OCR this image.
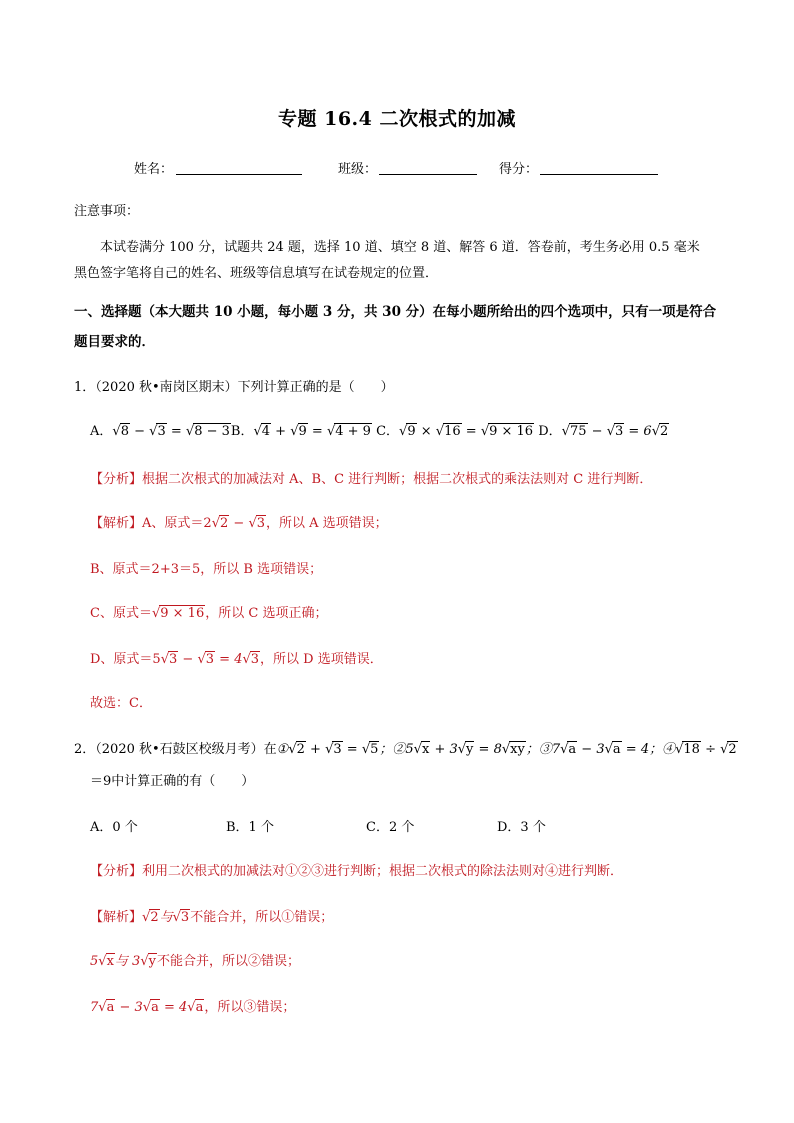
专题 16.4 二次根式的加减
姓名：	班级：	得分：
注意事项：
本试卷满分 100 分，试题共 24 题，选择 10 道、填空 8 道、解答 6 道．答卷前，考生务必用 0.5 毫米
黑色签字笔将自己的姓名、班级等信息填写在试卷规定的位置．
一、选择题（本大题共 10 小题，每小题 3 分，共 30 分）在每小题所给出的四个选项中，只有一项是符合
题目要求的．
1．（2020 秋•南岗区期末）下列计算正确的是（　　）
A．√8 − √3 = √8 − 3B．√4 + √9 = √4 + 9 C．√9 × √16 = √9 × 16 D．√75 − √3 = 6√2
【分析】根据二次根式的加减法对 A、B、C 进行判断；根据二次根式的乘法法则对 C 进行判断．
【解析】A、原式＝2√2 − √3，所以 A 选项错误；
B、原式＝2+3＝5，所以 B 选项错误；
C、原式＝√9 × 16，所以 C 选项正确；
D、原式＝5√3 − √3 = 4√3，所以 D 选项错误．
故选：C．
2．（2020 秋•石鼓区校级月考）在①√2 + √3 = √5；②5√x + 3√y = 8√xy；③7√a − 3√a = 4；④√18 ÷ √2
＝9中计算正确的有（　　）
A．0 个	B．1 个	C．2 个	D．3 个
【分析】利用二次根式的加减法对①②③进行判断；根据二次根式的除法法则对④进行判断．
【解析】√2与√3不能合并，所以①错误；
5√x与 3√y不能合并，所以②错误；
7√a − 3√a = 4√a，所以③错误；
